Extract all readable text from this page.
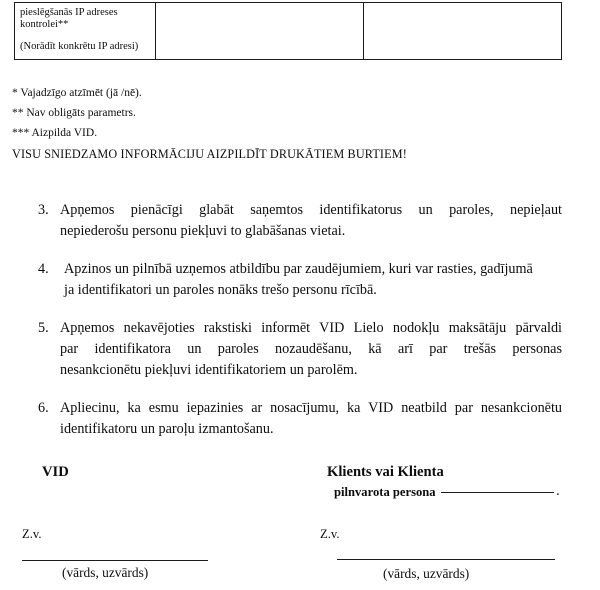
pieslēgšanās IP adreses kontrolei**
(Norādīt konkrētu IP adresi)
* Vajadzīgo atzīmēt (jā /nē).
** Nav obligāts parametrs.
*** Aizpilda VID.
VISU SNIEDZAMO INFORMĀCIJU AIZPILDĪT DRUKĀTIEM BURTIEM!
3. Apņemos pienācīgi glabāt saņemtos identifikatorus un paroles, nepieļaut
nepiederošu personu piekļuvi to glabāšanas vietai.
4. Apzinos un pilnībā uzņemos atbildību par zaudējumiem, kuri var rasties, gadījumā
ja identifikatori un paroles nonāks trešo personu rīcībā.
5. Apņemos nekavējoties rakstiski informēt VID Lielo nodokļu maksātāju pārvaldi
par identifikatora un paroles nozaudēšanu, kā arī par trešās personas
nesankcionētu piekļuvi identifikatoriem un parolēm.
6. Apliecinu, ka esmu iepazinies ar nosacījumu, ka VID neatbild par nesankcionētu
identifikatoru un paroļu izmantošanu.
VID	Klients vai Klienta
pilnvarota persona	.
Z.v.	Z.v.
(vārds, uzvārds)	(vārds, uzvārds)
